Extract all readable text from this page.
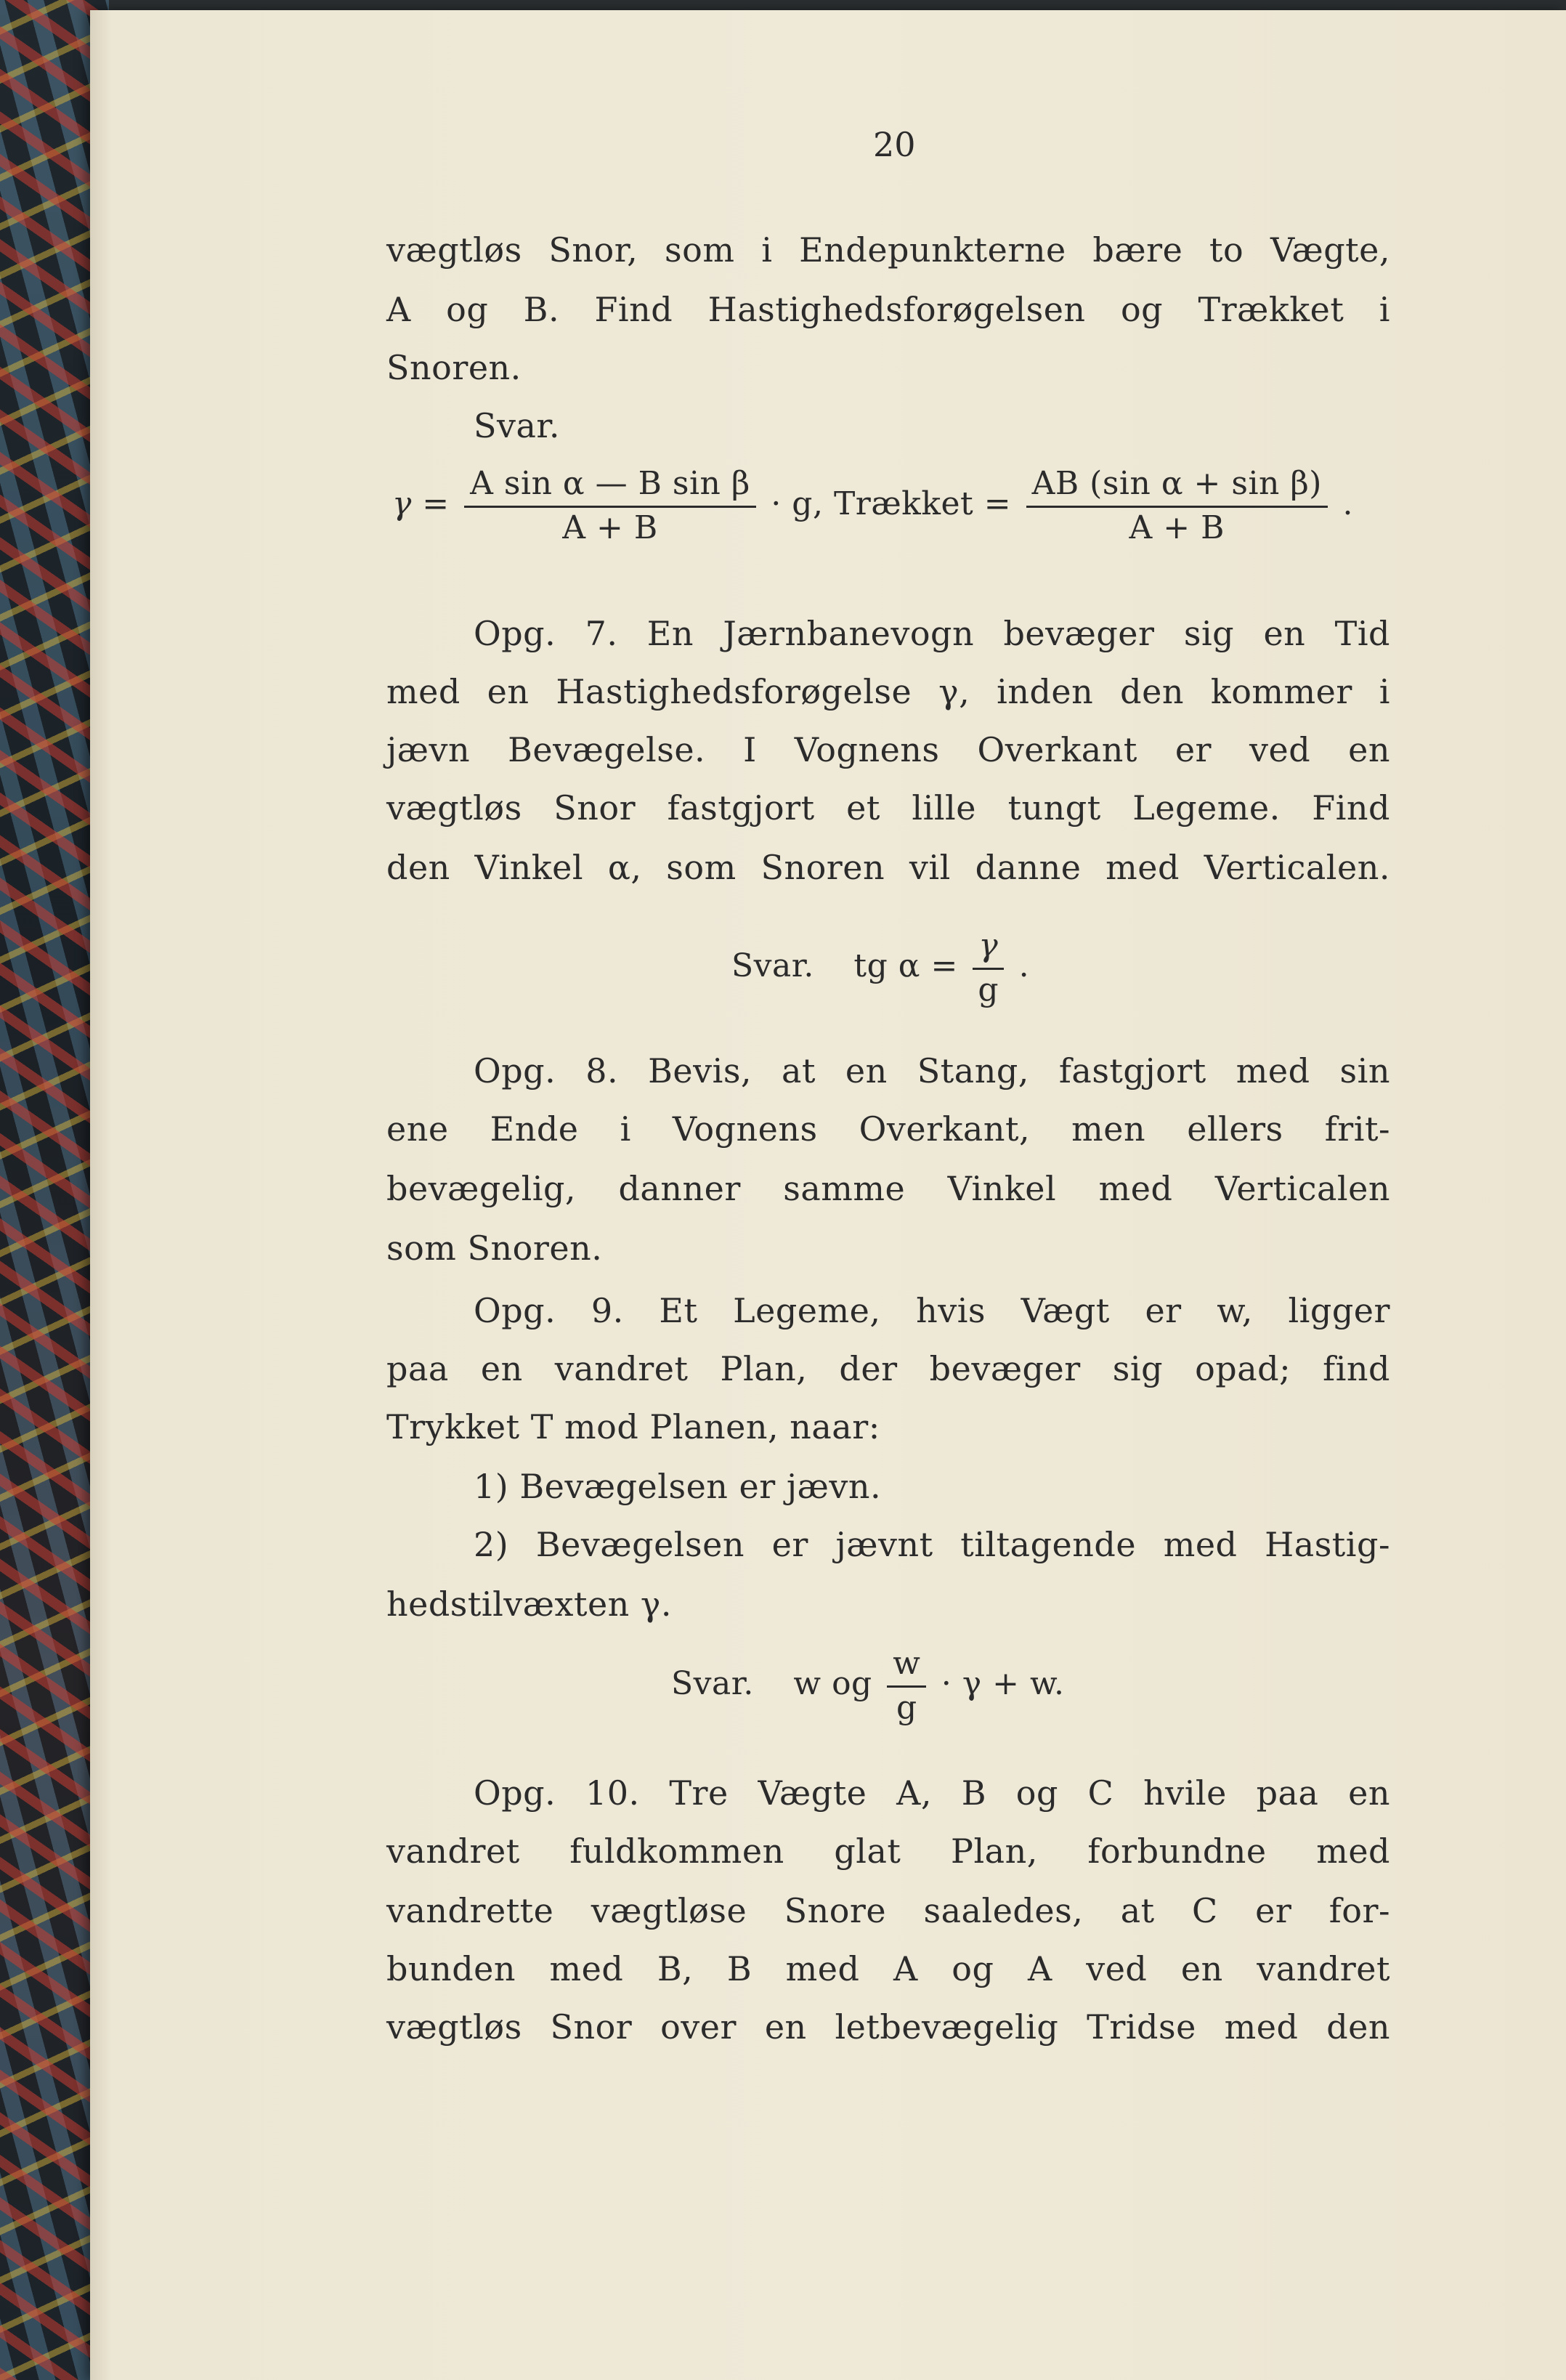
20
vægtløs Snor, som i Endepunkterne bære to Vægte,
A og B. Find Hastighedsforøgelsen og Trækket i
Snoren.
Svar.
$\gamma = \frac{\text{A sin α — B sin β}}{A + B} \cdot g$, Trækket = $\frac{\text{AB (sin α + sin β)}}{A + B}$ .
Opg. 7. En Jærnbanevogn bevæger sig en Tid
med en Hastighedsforøgelse γ, inden den kommer i
jævn Bevægelse. I Vognens Overkant er ved en
vægtløs Snor fastgjort et lille tungt Legeme. Find
den Vinkel α, som Snoren vil danne med Verticalen.
Svar. tg $\alpha = \frac{\gamma}{g}$ .
Opg. 8. Bevis, at en Stang, fastgjort med sin
ene Ende i Vognens Overkant, men ellers frit-
bevægelig, danner samme Vinkel med Verticalen
som Snoren.
Opg. 9. Et Legeme, hvis Vægt er w, ligger
paa en vandret Plan, der bevæger sig opad; find
Trykket T mod Planen, naar:
1) Bevægelsen er jævn.
2) Bevægelsen er jævnt tiltagende med Hastig-
hedstilvæxten γ.
Svar. w og $\frac{w}{g} \cdot \gamma + w$.
Opg. 10. Tre Vægte A, B og C hvile paa en
vandret fuldkommen glat Plan, forbundne med
vandrette vægtløse Snore saaledes, at C er for-
bunden med B, B med A og A ved en vandret
vægtløs Snor over en letbevægelig Tridse med den
